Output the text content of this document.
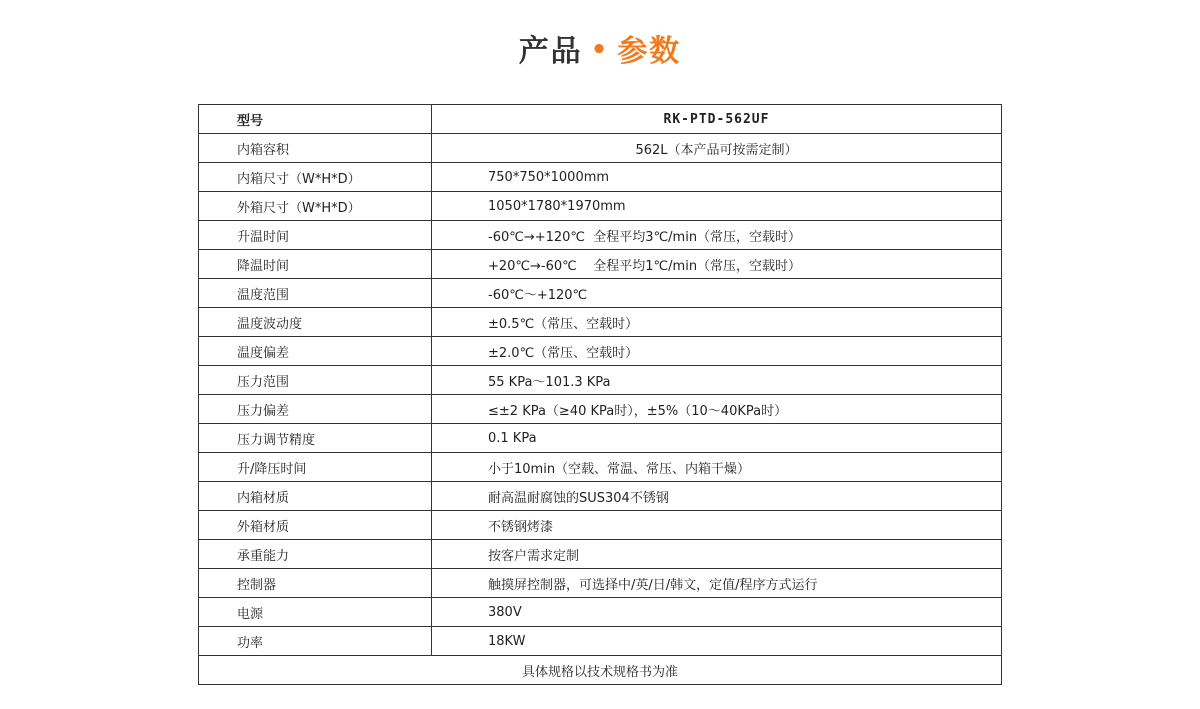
产品 • 参数
型号	RK-PTD-562UF
内箱容积	562L（本产品可按需定制）
内箱尺寸（W*H*D）	750*750*1000mm
外箱尺寸（W*H*D）	1050*1780*1970mm
升温时间	-60℃→+120℃  全程平均3℃/min（常压，空载时）
降温时间	+20℃→-60℃    全程平均1℃/min（常压，空载时）
温度范围	-60℃～+120℃
温度波动度	±0.5℃（常压、空载时）
温度偏差	±2.0℃（常压、空载时）
压力范围	55 KPa～101.3 KPa
压力偏差	≤±2 KPa（≥40 KPa时），±5%（10～40KPa时）
压力调节精度	0.1 KPa
升/降压时间	小于10min（空载、常温、常压、内箱干燥）
内箱材质	耐高温耐腐蚀的SUS304不锈钢
外箱材质	不锈钢烤漆
承重能力	按客户需求定制
控制器	触摸屏控制器，可选择中/英/日/韩文，定值/程序方式运行
电源	380V
功率	18KW
具体规格以技术规格书为准	
